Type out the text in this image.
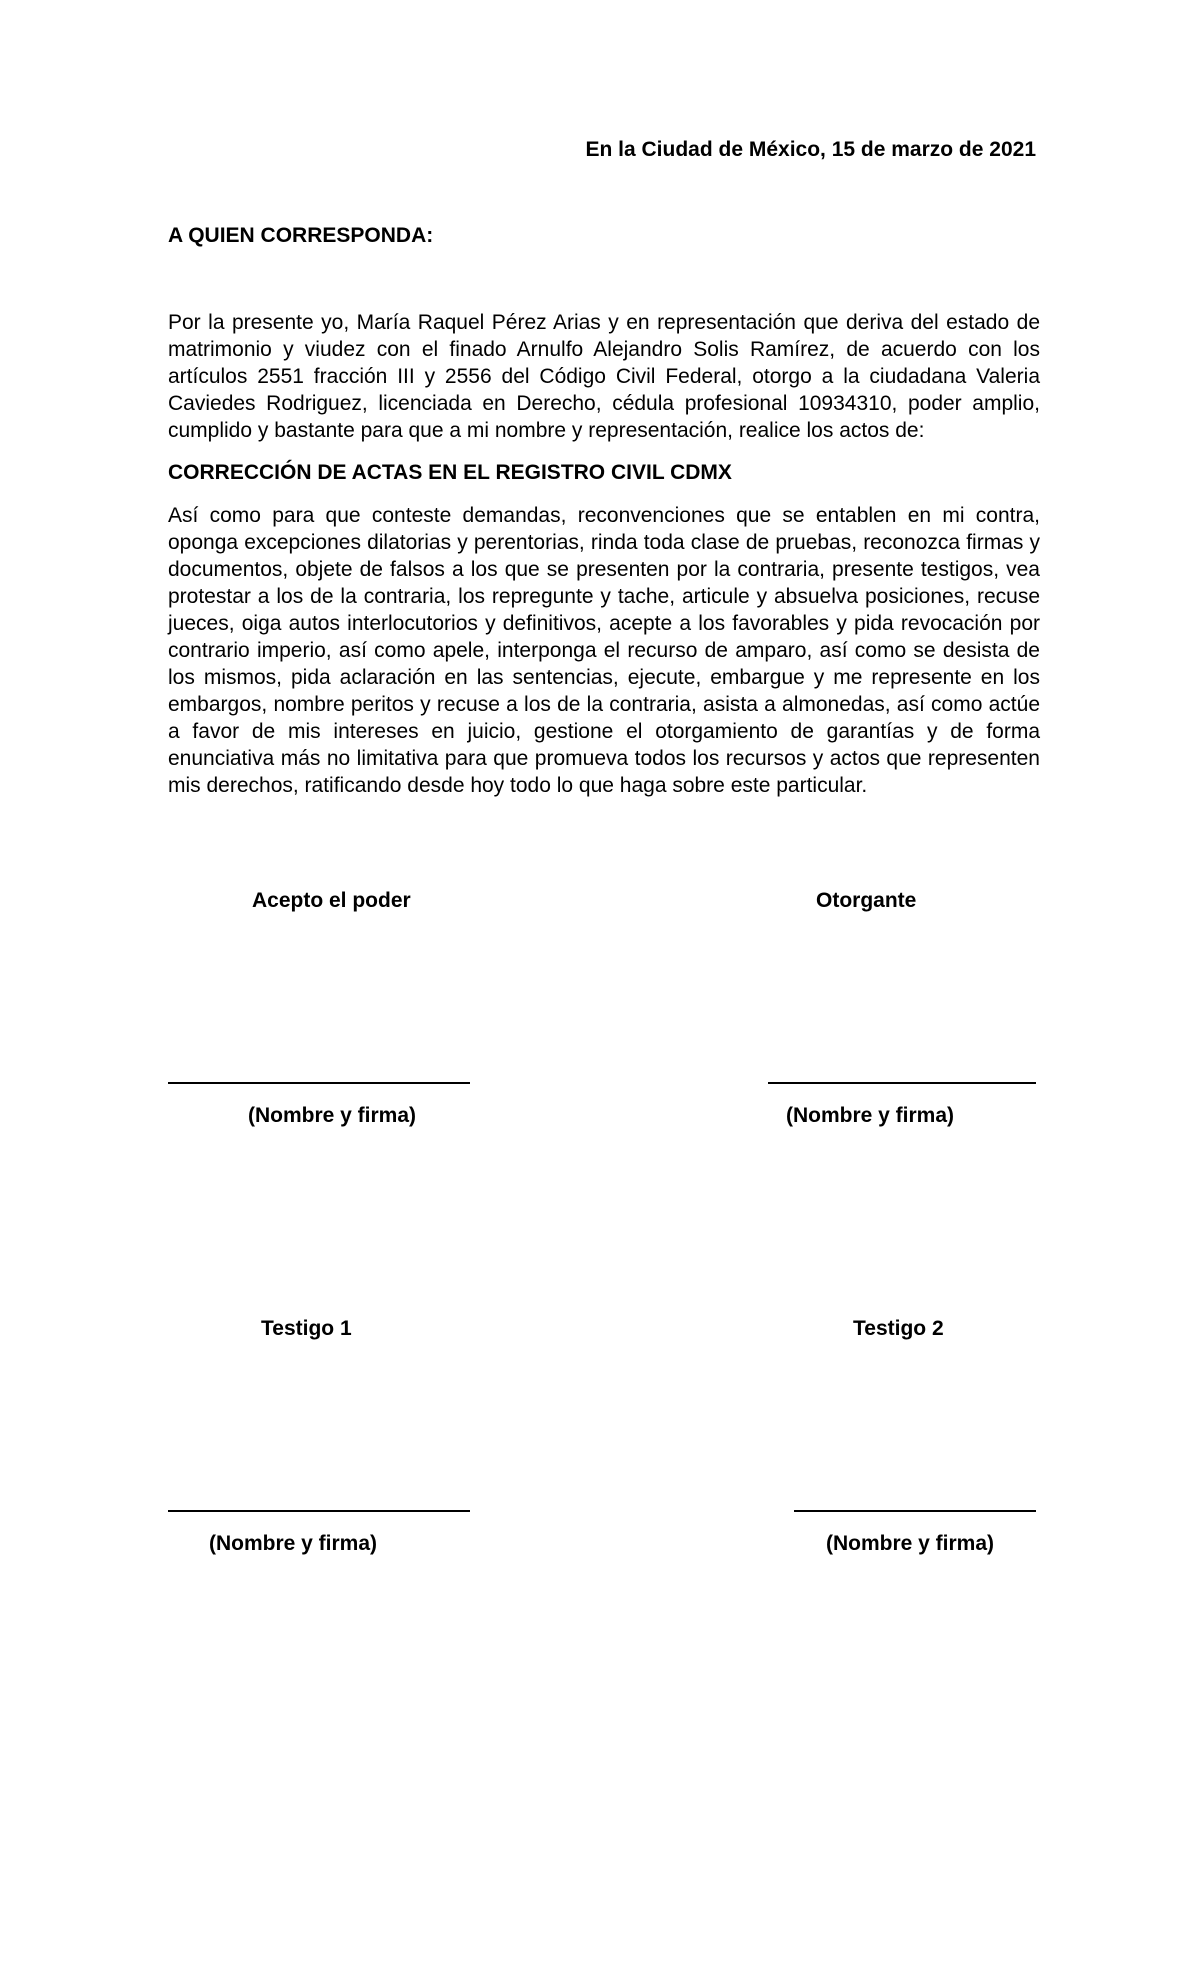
En la Ciudad de México, 15 de marzo de 2021
A QUIEN CORRESPONDA:
Por la presente yo, María Raquel Pérez Arias y en representación que deriva del estado de matrimonio y viudez con el finado Arnulfo Alejandro Solis Ramírez, de acuerdo con los artículos 2551 fracción III y 2556 del Código Civil Federal, otorgo a la ciudadana Valeria Caviedes Rodriguez, licenciada en Derecho, cédula profesional 10934310, poder amplio, cumplido y bastante para que a mi nombre y representación, realice los actos de:
CORRECCIÓN DE ACTAS EN EL REGISTRO CIVIL CDMX
Así como para que conteste demandas, reconvenciones que se entablen en mi contra, oponga excepciones dilatorias y perentorias, rinda toda clase de pruebas, reconozca firmas y documentos, objete de falsos a los que se presenten por la contraria, presente testigos, vea protestar a los de la contraria, los repregunte y tache, articule y absuelva posiciones, recuse jueces, oiga autos interlocutorios y definitivos, acepte a los favorables y pida revocación por contrario imperio, así como apele, interponga el recurso de amparo, así como se desista de los mismos, pida aclaración en las sentencias, ejecute, embargue y me represente en los embargos, nombre peritos y recuse a los de la contraria, asista a almonedas, así como actúe a favor de mis intereses en juicio, gestione el otorgamiento de garantías y de forma enunciativa más no limitativa para que promueva todos los recursos y actos que representen mis derechos, ratificando desde hoy todo lo que haga sobre este particular.
Acepto el poder	Otorgante
(Nombre y firma)	(Nombre y firma)
Testigo 1	Testigo 2
(Nombre y firma)	(Nombre y firma)
